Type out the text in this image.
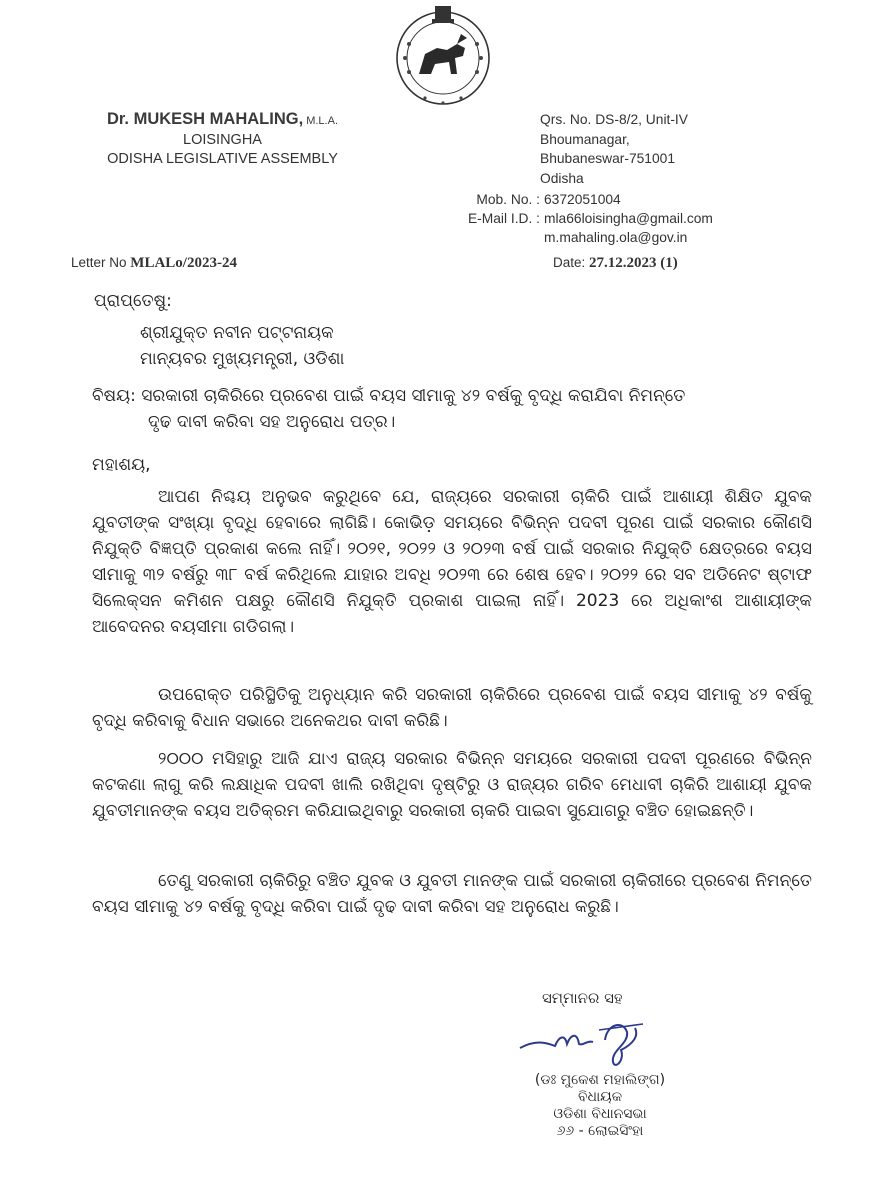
Dr. MUKESH MAHALING, M.L.A.
LOISINGHA
ODISHA LEGISLATIVE ASSEMBLY
Qrs. No. DS-8/2, Unit-IV
Bhoumanagar,
Bhubaneswar-751001
Odisha
Mob. No. : 6372051004
E-Mail I.D. : mla66loisingha@gmail.com
m.mahaling.ola@gov.in
Letter No MLALo/2023-24	Date: 27.12.2023 (1)
ପ୍ରାପ୍ତେଷୁ:
ଶ୍ରୀଯୁକ୍ତ ନବୀନ ପଟ୍ଟନାୟକ
ମାନ୍ୟବର ମୁଖ୍ୟମନ୍ତ୍ରୀ, ଓଡିଶା
ବିଷୟ: ସରକାରୀ ଚାକିରିରେ ପ୍ରବେଶ ପାଇଁ ବୟସ ସୀମାକୁ ୪୨ ବର୍ଷକୁ ବୃଦ୍ଧି କରାଯିବା ନିମନ୍ତେ
ଦୃଢ ଦାବୀ କରିବା ସହ ଅନୁରୋଧ ପତ୍ର।
ମହାଶୟ,
ଆପଣ ନିଶ୍ଚୟ ଅନୁଭବ କରୁଥିବେ ଯେ, ରାଜ୍ୟରେ ସରକାରୀ ଚାକିରି ପାଇଁ ଆଶାୟୀ ଶିକ୍ଷିତ ଯୁବକ ଯୁବତୀଙ୍କ ସଂଖ୍ୟା ବୃଦ୍ଧି ହେବାରେ ଲାଗିଛି। କୋଭିଡ଼ ସମୟରେ ବିଭିନ୍ନ ପଦବୀ ପୂରଣ ପାଇଁ ସରକାର କୌଣସି ନିଯୁକ୍ତି ବିଜ୍ଞପ୍ତି ପ୍ରକାଶ କଲେ ନାହିଁ। ୨୦୨୧, ୨୦୨୨ ଓ ୨୦୨୩ ବର୍ଷ ପାଇଁ ସରକାର ନିଯୁକ୍ତି କ୍ଷେତ୍ରରେ ବୟସ ସୀମାକୁ ୩୨ ବର୍ଷରୁ ୩୮ ବର୍ଷ କରିଥିଲେ ଯାହାର ଅବଧି ୨୦୨୩ ରେ ଶେଷ ହେବ। ୨୦୨୨ ରେ ସବ ଅଡିନେଟ ଷ୍ଟାଫ ସିଲେକ୍ସନ କମିଶନ ପକ୍ଷରୁ କୌଣସି ନିଯୁକ୍ତି ପ୍ରକାଶ ପାଇଲା ନାହିଁ। 2023 ରେ ଅଧିକାଂଶ ଆଶାୟୀଙ୍କ ଆବେଦନର ବୟସୀମା ଗଡିଗଲା।
ଉପରୋକ୍ତ ପରିସ୍ଥିତିକୁ ଅନୁଧ୍ୟାନ କରି ସରକାରୀ ଚାକିରିରେ ପ୍ରବେଶ ପାଇଁ ବୟସ ସୀମାକୁ ୪୨ ବର୍ଷକୁ ବୃଦ୍ଧି କରିବାକୁ ବିଧାନ ସଭାରେ ଅନେକଥର ଦାବୀ କରିଛି।
୨୦୦୦ ମସିହାରୁ ଆଜି ଯାଏ ରାଜ୍ୟ ସରକାର ବିଭିନ୍ନ ସମୟରେ ସରକାରୀ ପଦବୀ ପୂରଣରେ ବିଭିନ୍ନ କଟକଣା ଲାଗୁ କରି ଲକ୍ଷାଧିକ ପଦବୀ ଖାଲି ରଖିଥିବା ଦୃଷ୍ଟିରୁ ଓ ରାଜ୍ୟର ଗରିବ ମେଧାବୀ ଚାକିରି ଆଶାୟୀ ଯୁବକ ଯୁବତୀମାନଙ୍କ ବୟସ ଅତିକ୍ରମ କରିଯାଇଥିବାରୁ ସରକାରୀ ଚାକରି ପାଇବା ସୁଯୋଗରୁ ବଞ୍ଚିତ ହୋଇଛନ୍ତି।
ତେଣୁ ସରକାରୀ ଚାକିରିରୁ ବଞ୍ଚିତ ଯୁବକ ଓ ଯୁବତୀ ମାନଙ୍କ ପାଇଁ ସରକାରୀ ଚାକିରୀରେ ପ୍ରବେଶ ନିମନ୍ତେ ବୟସ ସୀମାକୁ ୪୨ ବର୍ଷକୁ ବୃଦ୍ଧି କରିବା ପାଇଁ ଦୃଢ ଦାବୀ କରିବା ସହ ଅନୁରୋଧ କରୁଛି।
ସମ୍ମାନର ସହ
(ଡଃ ମୁକେଶ ମହାଲିଙ୍ଗ)
ବିଧାୟକ
ଓଡିଶା ବିଧାନସଭା
୬୬ - ଲୋଇସିଂହା
